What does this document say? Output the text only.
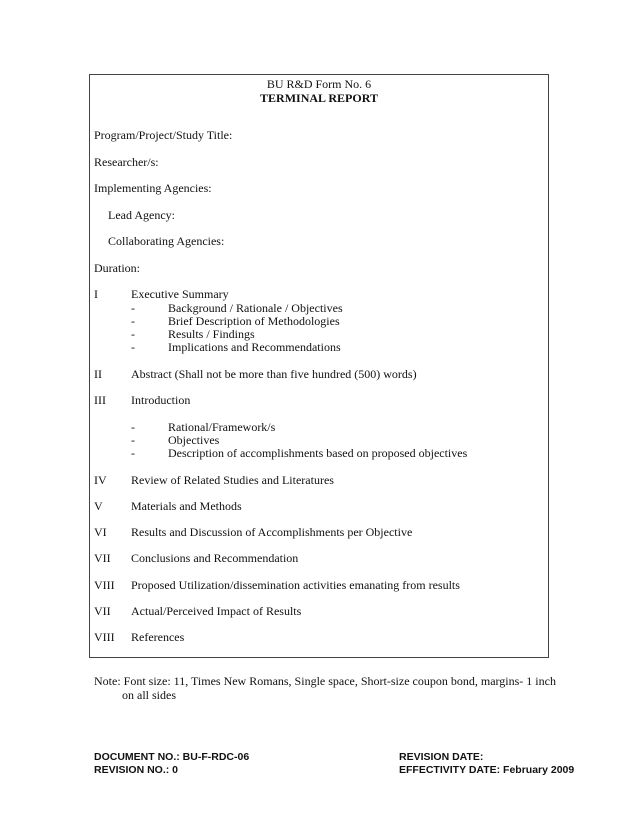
BU R&D Form No. 6
TERMINAL REPORT
Program/Project/Study Title:
Researcher/s:
Implementing Agencies:
Lead Agency:
Collaborating Agencies:
Duration:
I	Executive Summary
-	Background / Rationale / Objectives
-	Brief Description of Methodologies
-	Results / Findings
-	Implications and Recommendations
II Abstract (Shall not be more than five hundred (500) words)
III Introduction
-	Rational/Framework/s
-	Objectives
-	Description of accomplishments based on proposed objectives
IV Review of Related Studies and Literatures
V Materials and Methods
VI Results and Discussion of Accomplishments per Objective
VII Conclusions and Recommendation
VIII Proposed Utilization/dissemination activities emanating from results
VII Actual/Perceived Impact of Results
VIII References
Note: Font size: 11, Times New Romans, Single space, Short-size coupon bond, margins- 1 inch
on all sides
DOCUMENT NO.: BU-F-RDC-06
REVISION NO.: 0
REVISION DATE:
EFFECTIVITY DATE: February 2009
